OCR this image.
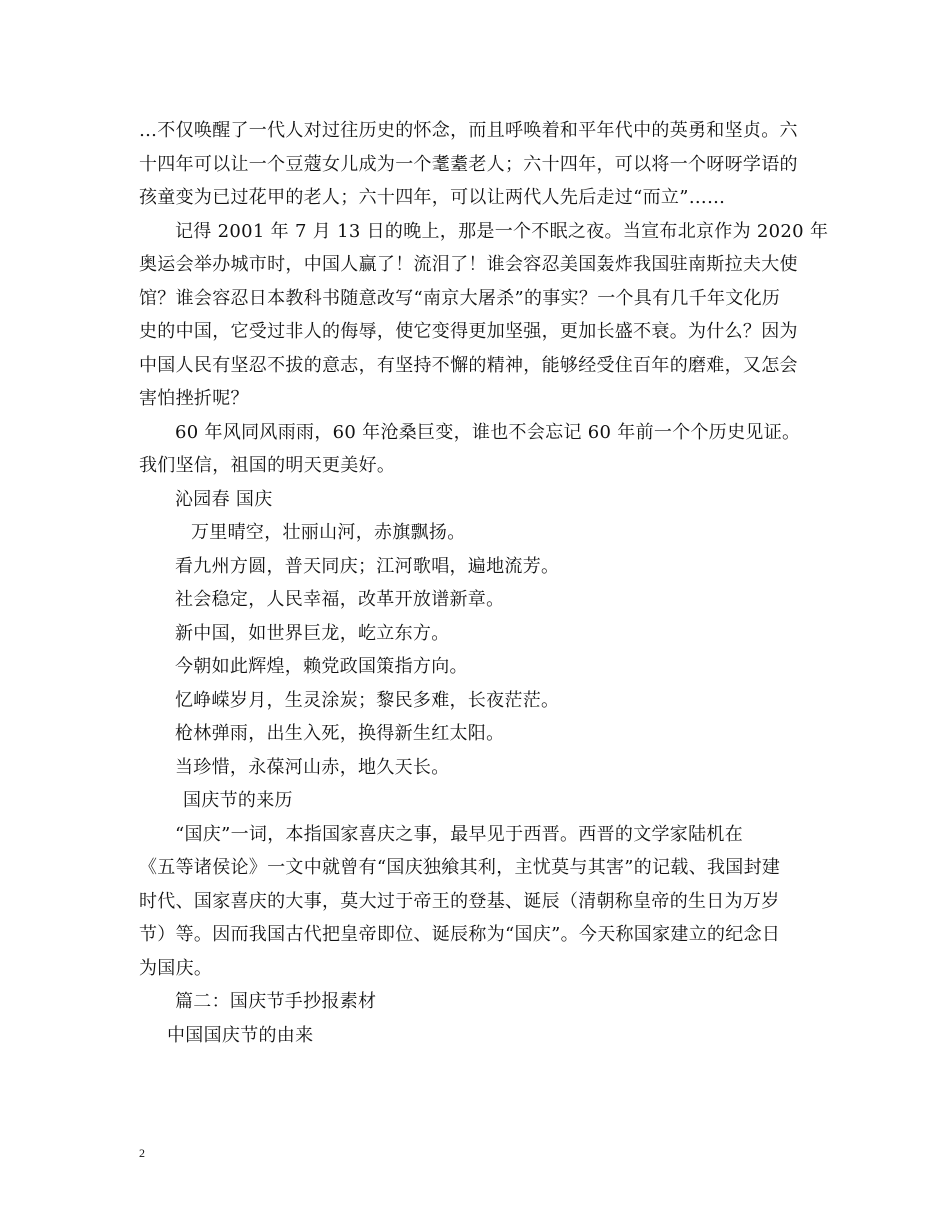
…不仅唤醒了一代人对过往历史的怀念，而且呼唤着和平年代中的英勇和坚贞。六
十四年可以让一个豆蔻女儿成为一个耄耋老人；六十四年，可以将一个呀呀学语的
孩童变为已过花甲的老人；六十四年，可以让两代人先后走过“而立”……
记得 2001 年 7 月 13 日的晚上，那是一个不眠之夜。当宣布北京作为 2020 年
奥运会举办城市时，中国人赢了！流泪了！谁会容忍美国轰炸我国驻南斯拉夫大使
馆？谁会容忍日本教科书随意改写“南京大屠杀”的事实？一个具有几千年文化历
史的中国，它受过非人的侮辱，使它变得更加坚强，更加长盛不衰。为什么？因为
中国人民有坚忍不拔的意志，有坚持不懈的精神，能够经受住百年的磨难，又怎会
害怕挫折呢？
60 年风同风雨雨，60 年沧桑巨变，谁也不会忘记 60 年前一个个历史见证。
我们坚信，祖国的明天更美好。
沁园春 国庆
万里晴空，壮丽山河，赤旗飘扬。
看九州方圆，普天同庆；江河歌唱，遍地流芳。
社会稳定，人民幸福，改革开放谱新章。
新中国，如世界巨龙，屹立东方。
今朝如此辉煌，赖党政国策指方向。
忆峥嵘岁月，生灵涂炭；黎民多难，长夜茫茫。
枪林弹雨，出生入死，换得新生红太阳。
当珍惜，永葆河山赤，地久天长。
国庆节的来历
“国庆”一词，本指国家喜庆之事，最早见于西晋。西晋的文学家陆机在
《五等诸侯论》一文中就曾有“国庆独飨其利，主忧莫与其害”的记载、我国封建
时代、国家喜庆的大事，莫大过于帝王的登基、诞辰（清朝称皇帝的生日为万岁
节）等。因而我国古代把皇帝即位、诞辰称为“国庆”。今天称国家建立的纪念日
为国庆。
篇二：国庆节手抄报素材
中国国庆节的由来
2
